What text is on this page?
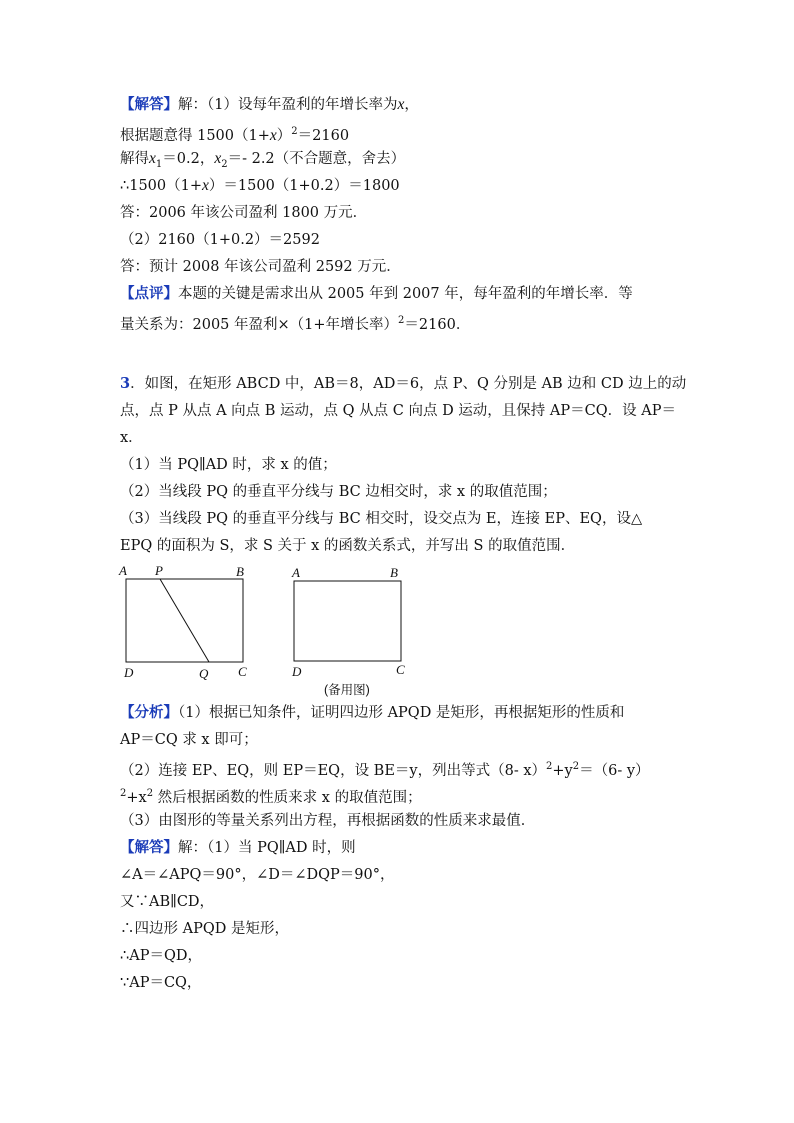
【解答】解：（1）设每年盈利的年增长率为x，
根据题意得 $1500(1+x)^2=2160$
解得$x_1=0.2$，$x_2=-$ 2.2（不合题意，舍去）
∴1500（1+x）＝1500（1+0.2）＝1800
答：2006 年该公司盈利 1800 万元．
（2）2160（1+0.2）＝2592
答：预计 2008 年该公司盈利 2592 万元．
【点评】本题的关键是需求出从 2005 年到 2007 年，每年盈利的年增长率．等
量关系为：2005 年盈利×（1+年增长率）$^2$＝2160．
3．如图，在矩形 ABCD 中，AB＝8，AD＝6，点 P、Q 分别是 AB 边和 CD 边上的动
点，点 P 从点 A 向点 B 运动，点 Q 从点 C 向点 D 运动，且保持 AP＝CQ．设 AP＝
x．
（1）当 PQ∥AD 时，求 x 的值；
（2）当线段 PQ 的垂直平分线与 BC 边相交时，求 x 的取值范围；
（3）当线段 PQ 的垂直平分线与 BC 相交时，设交点为 E，连接 EP、EQ，设△
EPQ 的面积为 S，求 S 关于 x 的函数关系式，并写出 S 的取值范围．
A P	B
D	Q C
A	B
D	C
(备用图)
【分析】（1）根据已知条件，证明四边形 APQD 是矩形，再根据矩形的性质和
AP＝CQ 求 x 即可；
（2）连接 EP、EQ，则 EP＝EQ，设 BE＝y，列出等式（8- $x)^2+y^2=(6-$ y）
$^2+x^2$ 然后根据函数的性质来求 x 的取值范围；
（3）由图形的等量关系列出方程，再根据函数的性质来求最值．
【解答】解：（1）当 PQ∥AD 时，则
∠A＝∠APQ＝90°，∠D＝∠DQP＝90°，
又∵AB∥CD，
∴四边形 APQD 是矩形，
∴AP＝QD，
∵AP＝CQ，
